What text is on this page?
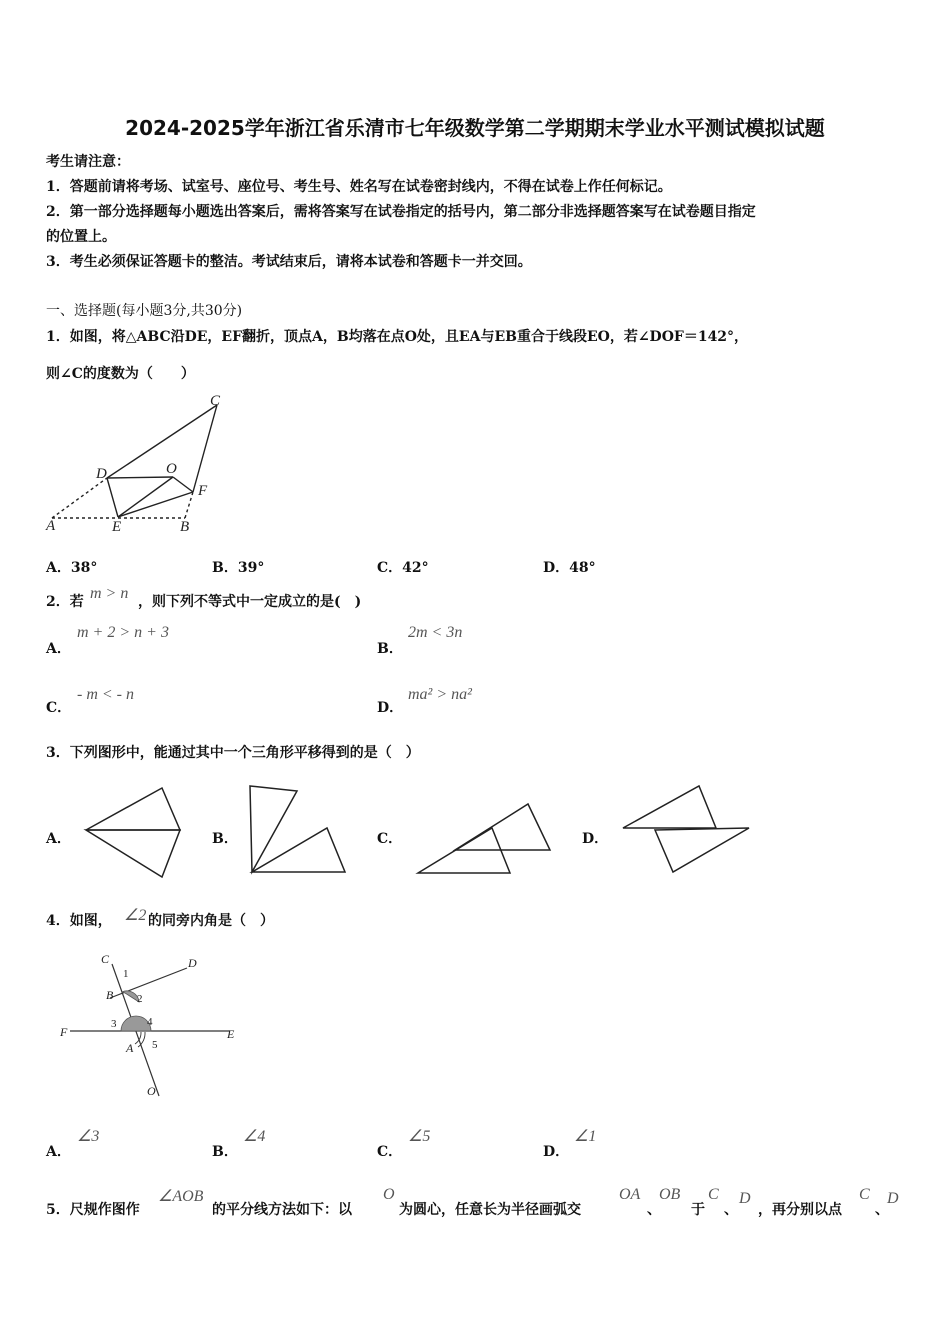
2024-2025学年浙江省乐清市七年级数学第二学期期末学业水平测试模拟试题
考生请注意：
1．答题前请将考场、试室号、座位号、考生号、姓名写在试卷密封线内，不得在试卷上作任何标记。
2．第一部分选择题每小题选出答案后，需将答案写在试卷指定的括号内，第二部分非选择题答案写在试卷题目指定
的位置上。
3．考生必须保证答题卡的整洁。考试结束后，请将本试卷和答题卡一并交回。
一、选择题(每小题3分,共30分)
1．如图，将△ABC沿DE，EF翻折，顶点A，B均落在点O处，且EA与EB重合于线段EO，若∠DOF＝142°，
则∠C的度数为（　　）
C
D	O
F
A	E	B
A．38°	B．39°	C．42°	D．48°
2．若 m > n ，则下列不等式中一定成立的是(　)
A．
m + 2 > n + 3
B．
2m < 3n
C．
- m < - n
D．
ma² > na²
3．下列图形中，能通过其中一个三角形平移得到的是（　）
A．	B．	C．	D．
4．如图， ∠2 的同旁内角是（　）
C	D
B
F	E
A
O
1
2
3	4
5
A．
∠3
B．
∠4
C．
∠5
D．
∠1
5．尺规作图作
∠AOB
的平分线方法如下：以
O
为圆心，任意长为半径画弧交
OA
、
OB
于
C
、
D
，再分别以点
C
、
D
